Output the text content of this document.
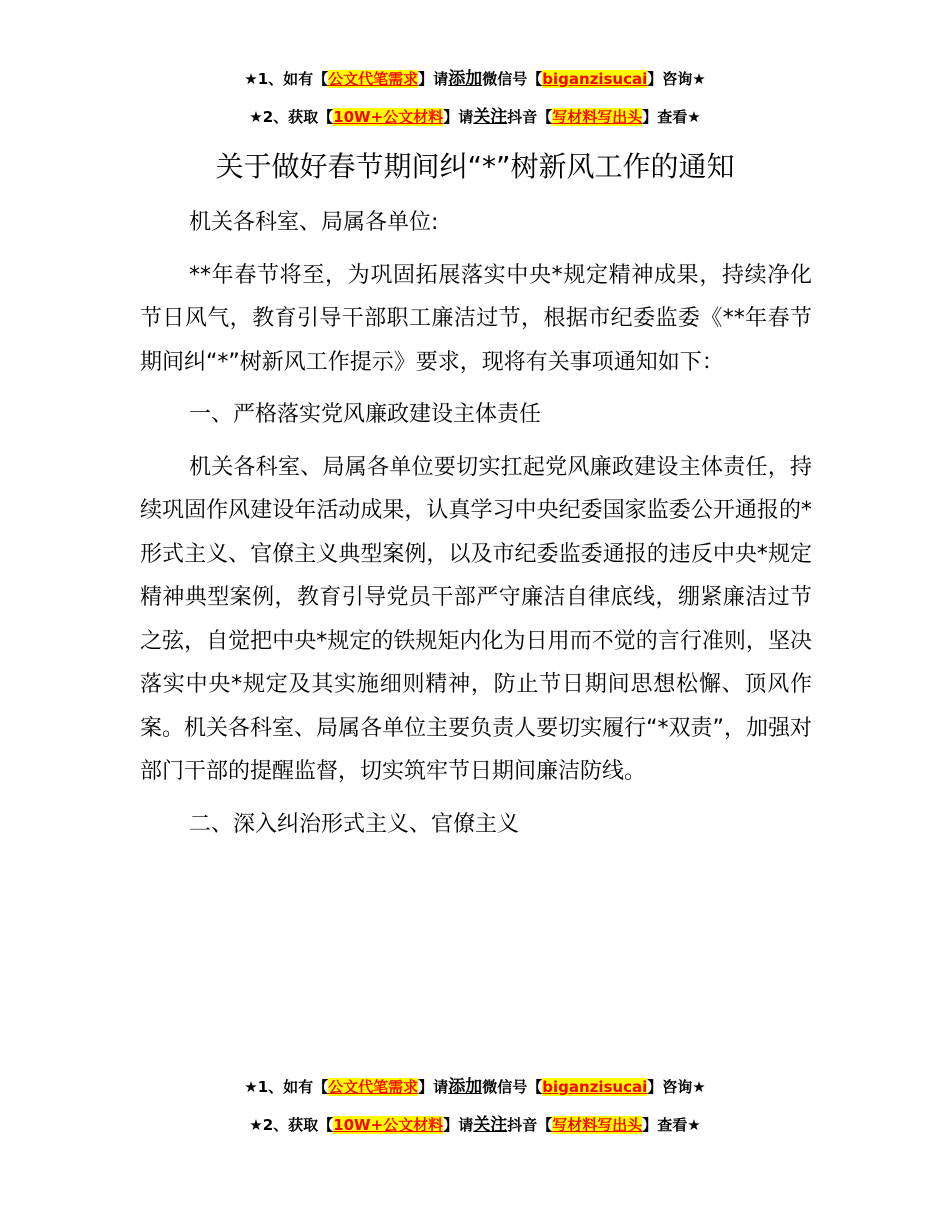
★1、如有【公文代笔需求】请添加微信号【biganzisucai】咨询★
★2、获取【10W+公文材料】请关注抖音【写材料写出头】查看★
关于做好春节期间纠“*”树新风工作的通知

机关各科室、局属各单位:

**年春节将至，为巩固拓展落实中央*规定精神成果，持续净化节日风气，教育引导干部职工廉洁过节，根据市纪委监委《**年春节期间纠“*”树新风工作提示》要求，现将有关事项通知如下：

一、严格落实党风廉政建设主体责任

机关各科室、局属各单位要切实扛起党风廉政建设主体责任，持续巩固作风建设年活动成果，认真学习中央纪委国家监委公开通报的*形式主义、官僚主义典型案例，以及市纪委监委通报的违反中央*规定精神典型案例，教育引导党员干部严守廉洁自律底线，绷紧廉洁过节之弦，自觉把中央*规定的铁规矩内化为日用而不觉的言行准则，坚决落实中央*规定及其实施细则精神，防止节日期间思想松懈、顶风作案。机关各科室、局属各单位主要负责人要切实履行“*双责”，加强对部门干部的提醒监督，切实筑牢节日期间廉洁防线。

二、深入纠治形式主义、官僚主义

★1、如有【公文代笔需求】请添加微信号【biganzisucai】咨询★
★2、获取【10W+公文材料】请关注抖音【写材料写出头】查看★
